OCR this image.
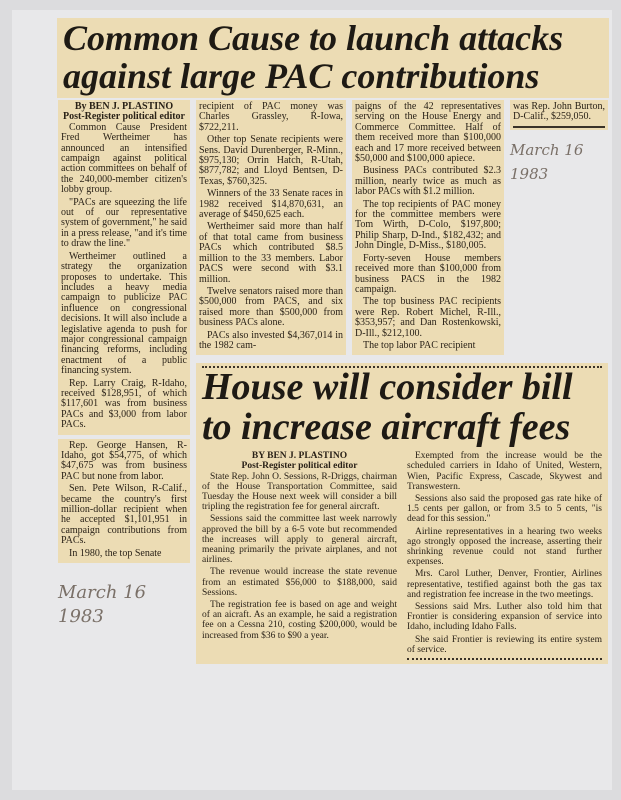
Common Cause to launch attacks
against large PAC contributions
By BEN J. PLASTINO
Post-Register political editor

Common Cause President Fred Wertheimer has announced an intensified campaign against political action committees on behalf of the 240,000-member citizen's lobby group.

"PACs are squeezing the life out of our representative system of government," he said in a press release, "and it's time to draw the line."

Wertheimer outlined a strategy the organization proposes to undertake. This includes a heavy media campaign to publicize PAC influence on congressional decisions. It will also include a legislative agenda to push for major congressional campaign financing reforms, including enactment of a public financing system.

Rep. Larry Craig, R-Idaho, received $128,951, of which $117,601 was from business PACs and $3,000 from labor PACs.

Rep. George Hansen, R-Idaho, got $54,775, of which $47,675 was from business PAC but none from labor.

Sen. Pete Wilson, R-Calif., became the country's first million-dollar recipient when he accepted $1,101,951 in campaign contributions from PACs.

In 1980, the top Senate

March 16 1983

recipient of PAC money was Charles Grassley, R-Iowa, $722,211.

Other top Senate recipients were Sens. David Durenberger, R-Minn., $975,130; Orrin Hatch, R-Utah, $877,782; and Lloyd Bentsen, D-Texas, $760,325.

Winners of the 33 Senate races in 1982 received $14,870,631, an average of $450,625 each.

Wertheimer said more than half of that total came from business PACs which contributed $8.5 million to the 33 members. Labor PACS were second with $3.1 million.

Twelve senators raised more than $500,000 from PACS, and six raised more than $500,000 from business PACs alone.

PACs also invested $4,367,014 in the 1982 cam-

paigns of the 42 representatives serving on the House Energy and Commerce Committee. Half of them received more than $100,000 each and 17 more received between $50,000 and $100,000 apiece.

Business PACs contributed $2.3 million, nearly twice as much as labor PACs with $1.2 million.

The top recipients of PAC money for the committee members were Tom Wirth, D-Colo, $197,800; Philip Sharp, D-Ind., $182,432; and John Dingle, D-Miss., $180,005.

Forty-seven House members received more than $100,000 from business PACS in the 1982 campaign.

The top business PAC recipients were Rep. Robert Michel, R-Ill., $353,957; and Dan Rostenkowski, D-Ill., $212,100.

The top labor PAC recipient

was Rep. John Burton, D-Calif., $259,050.

March 16 1983
House will consider bill
to increase aircraft fees
BY BEN J. PLASTINO
Post-Register political editor

State Rep. John O. Sessions, R-Driggs, chairman of the House Transportation Committee, said Tuesday the House next week will consider a bill tripling the registration fee for general aircraft.

Sessions said the committee last week narrowly approved the bill by a 6-5 vote but recommended the increases will apply to general aircraft, meaning primarily the private airplanes, and not airlines.

The revenue would increase the state revenue from an estimated $56,000 to $188,000, said Sessions.

The registration fee is based on age and weight of an aicraft. As an example, he said a registration fee on a Cessna 210, costing $200,000, would be increased from $36 to $90 a year.

Exempted from the increase would be the scheduled carriers in Idaho of United, Western, Wien, Pacific Express, Cascade, Skywest and Transwestern.

Sessions also said the proposed gas rate hike of 1.5 cents per gallon, or from 3.5 to 5 cents, "is dead for this session."

Airline representatives in a hearing two weeks ago strongly opposed the increase, asserting their shrinking revenue could not stand further expenses.

Mrs. Carol Luther, Denver, Frontier, Airlines representative, testified against both the gas tax and registration fee increase in the two meetings.

Sessions said Mrs. Luther also told him that Frontier is considering expansion of service into Idaho, including Idaho Falls.

She said Frontier is reviewing its entire system of service.
